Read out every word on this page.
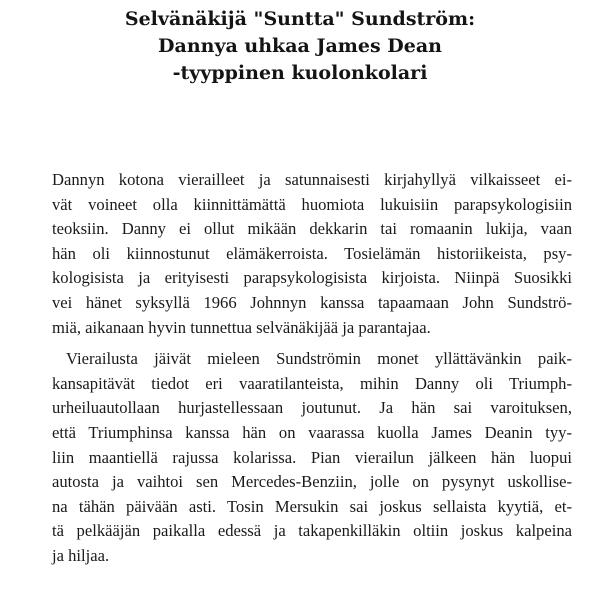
Selvänäkijä "Suntta" Sundström:
Dannya uhkaa James Dean
-tyyppinen kuolonkolari

Dannyn kotona vierailleet ja satunnaisesti kirjahyllyä vilkaisseet ei-
vät voineet olla kiinnittämättä huomiota lukuisiin parapsykologisiin
teoksiin. Danny ei ollut mikään dekkarin tai romaanin lukija, vaan
hän oli kiinnostunut elämäkerroista. Tosielämän historiikeista, psy-
kologisista ja erityisesti parapsykologisista kirjoista. Niinpä Suosikki
vei hänet syksyllä 1966 Johnnyn kanssa tapaamaan John Sundströ-
miä, aikanaan hyvin tunnettua selvänäkijää ja parantajaa.

Vierailusta jäivät mieleen Sundströmin monet yllättävänkin paik-
kansapitävät tiedot eri vaaratilanteista, mihin Danny oli Triumph-
urheiluautollaan hurjastellessaan joutunut. Ja hän sai varoituksen,
että Triumphinsa kanssa hän on vaarassa kuolla James Deanin tyy-
liin maantiellä rajussa kolarissa. Pian vierailun jälkeen hän luopui
autosta ja vaihtoi sen Mercedes-Benziin, jolle on pysynyt uskollise-
na tähän päivään asti. Tosin Mersukin sai joskus sellaista kyytiä, et-
tä pelkääjän paikalla edessä ja takapenkilläkin oltiin joskus kalpeina
ja hiljaa.
